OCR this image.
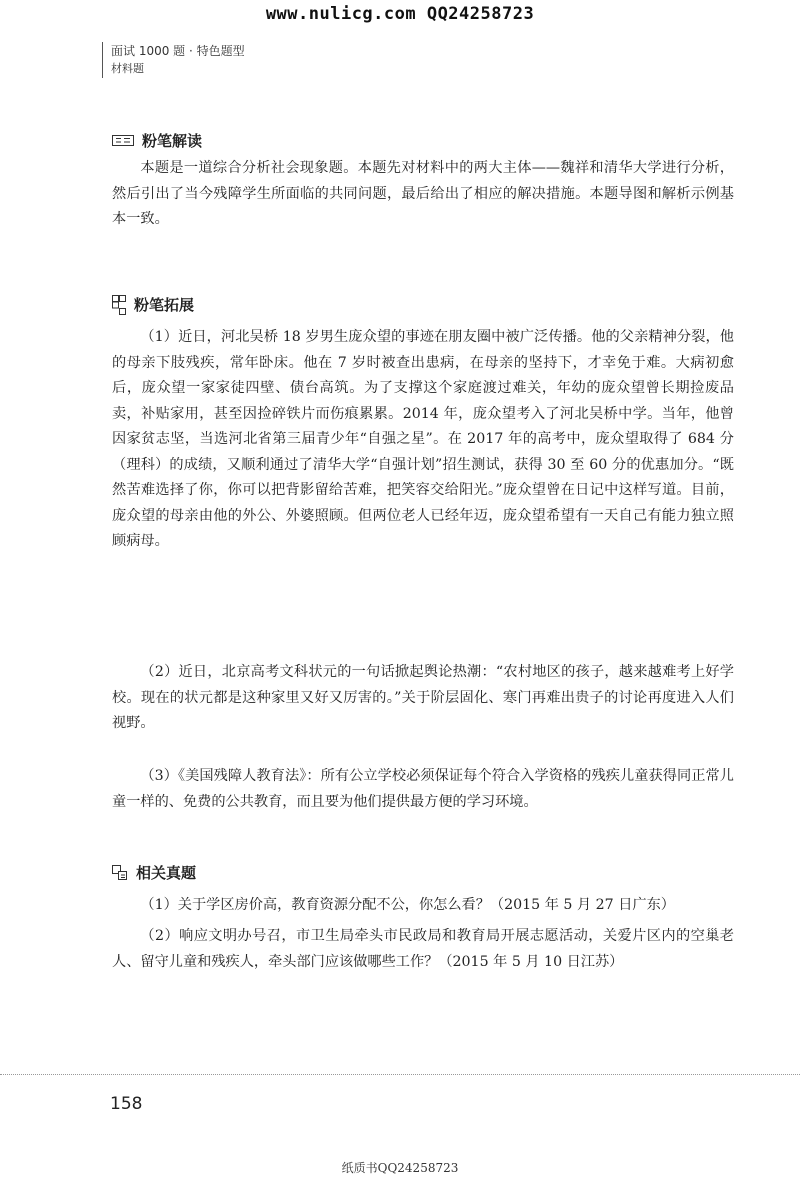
www.nulicg.com QQ24258723
面试 1000 题 · 特色题型
材料题
粉笔解读

本题是一道综合分析社会现象题。本题先对材料中的两大主体——魏祥和清华大学进行分析，然后引出了当今残障学生所面临的共同问题，最后给出了相应的解决措施。本题导图和解析示例基本一致。

粉笔拓展

（1）近日，河北吴桥 18 岁男生庞众望的事迹在朋友圈中被广泛传播。他的父亲精神分裂，他的母亲下肢残疾，常年卧床。他在 7 岁时被查出患病，在母亲的坚持下，才幸免于难。大病初愈后，庞众望一家家徒四壁、债台高筑。为了支撑这个家庭渡过难关，年幼的庞众望曾长期捡废品卖，补贴家用，甚至因捡碎铁片而伤痕累累。2014 年，庞众望考入了河北吴桥中学。当年，他曾因家贫志坚，当选河北省第三届青少年“自强之星”。在 2017 年的高考中，庞众望取得了 684 分（理科）的成绩，又顺利通过了清华大学“自强计划”招生测试，获得 30 至 60 分的优惠加分。“既然苦难选择了你，你可以把背影留给苦难，把笑容交给阳光。”庞众望曾在日记中这样写道。目前，庞众望的母亲由他的外公、外婆照顾。但两位老人已经年迈，庞众望希望有一天自己有能力独立照顾病母。

（2）近日，北京高考文科状元的一句话掀起舆论热潮：“农村地区的孩子，越来越难考上好学校。现在的状元都是这种家里又好又厉害的。”关于阶层固化、寒门再难出贵子的讨论再度进入人们视野。

（3）《美国残障人教育法》：所有公立学校必须保证每个符合入学资格的残疾儿童获得同正常儿童一样的、免费的公共教育，而且要为他们提供最方便的学习环境。

相关真题

（1）关于学区房价高，教育资源分配不公，你怎么看？（2015 年 5 月 27 日广东）

（2）响应文明办号召，市卫生局牵头市民政局和教育局开展志愿活动，关爱片区内的空巢老人、留守儿童和残疾人，牵头部门应该做哪些工作？（2015 年 5 月 10 日江苏）

158
纸质书QQ24258723
